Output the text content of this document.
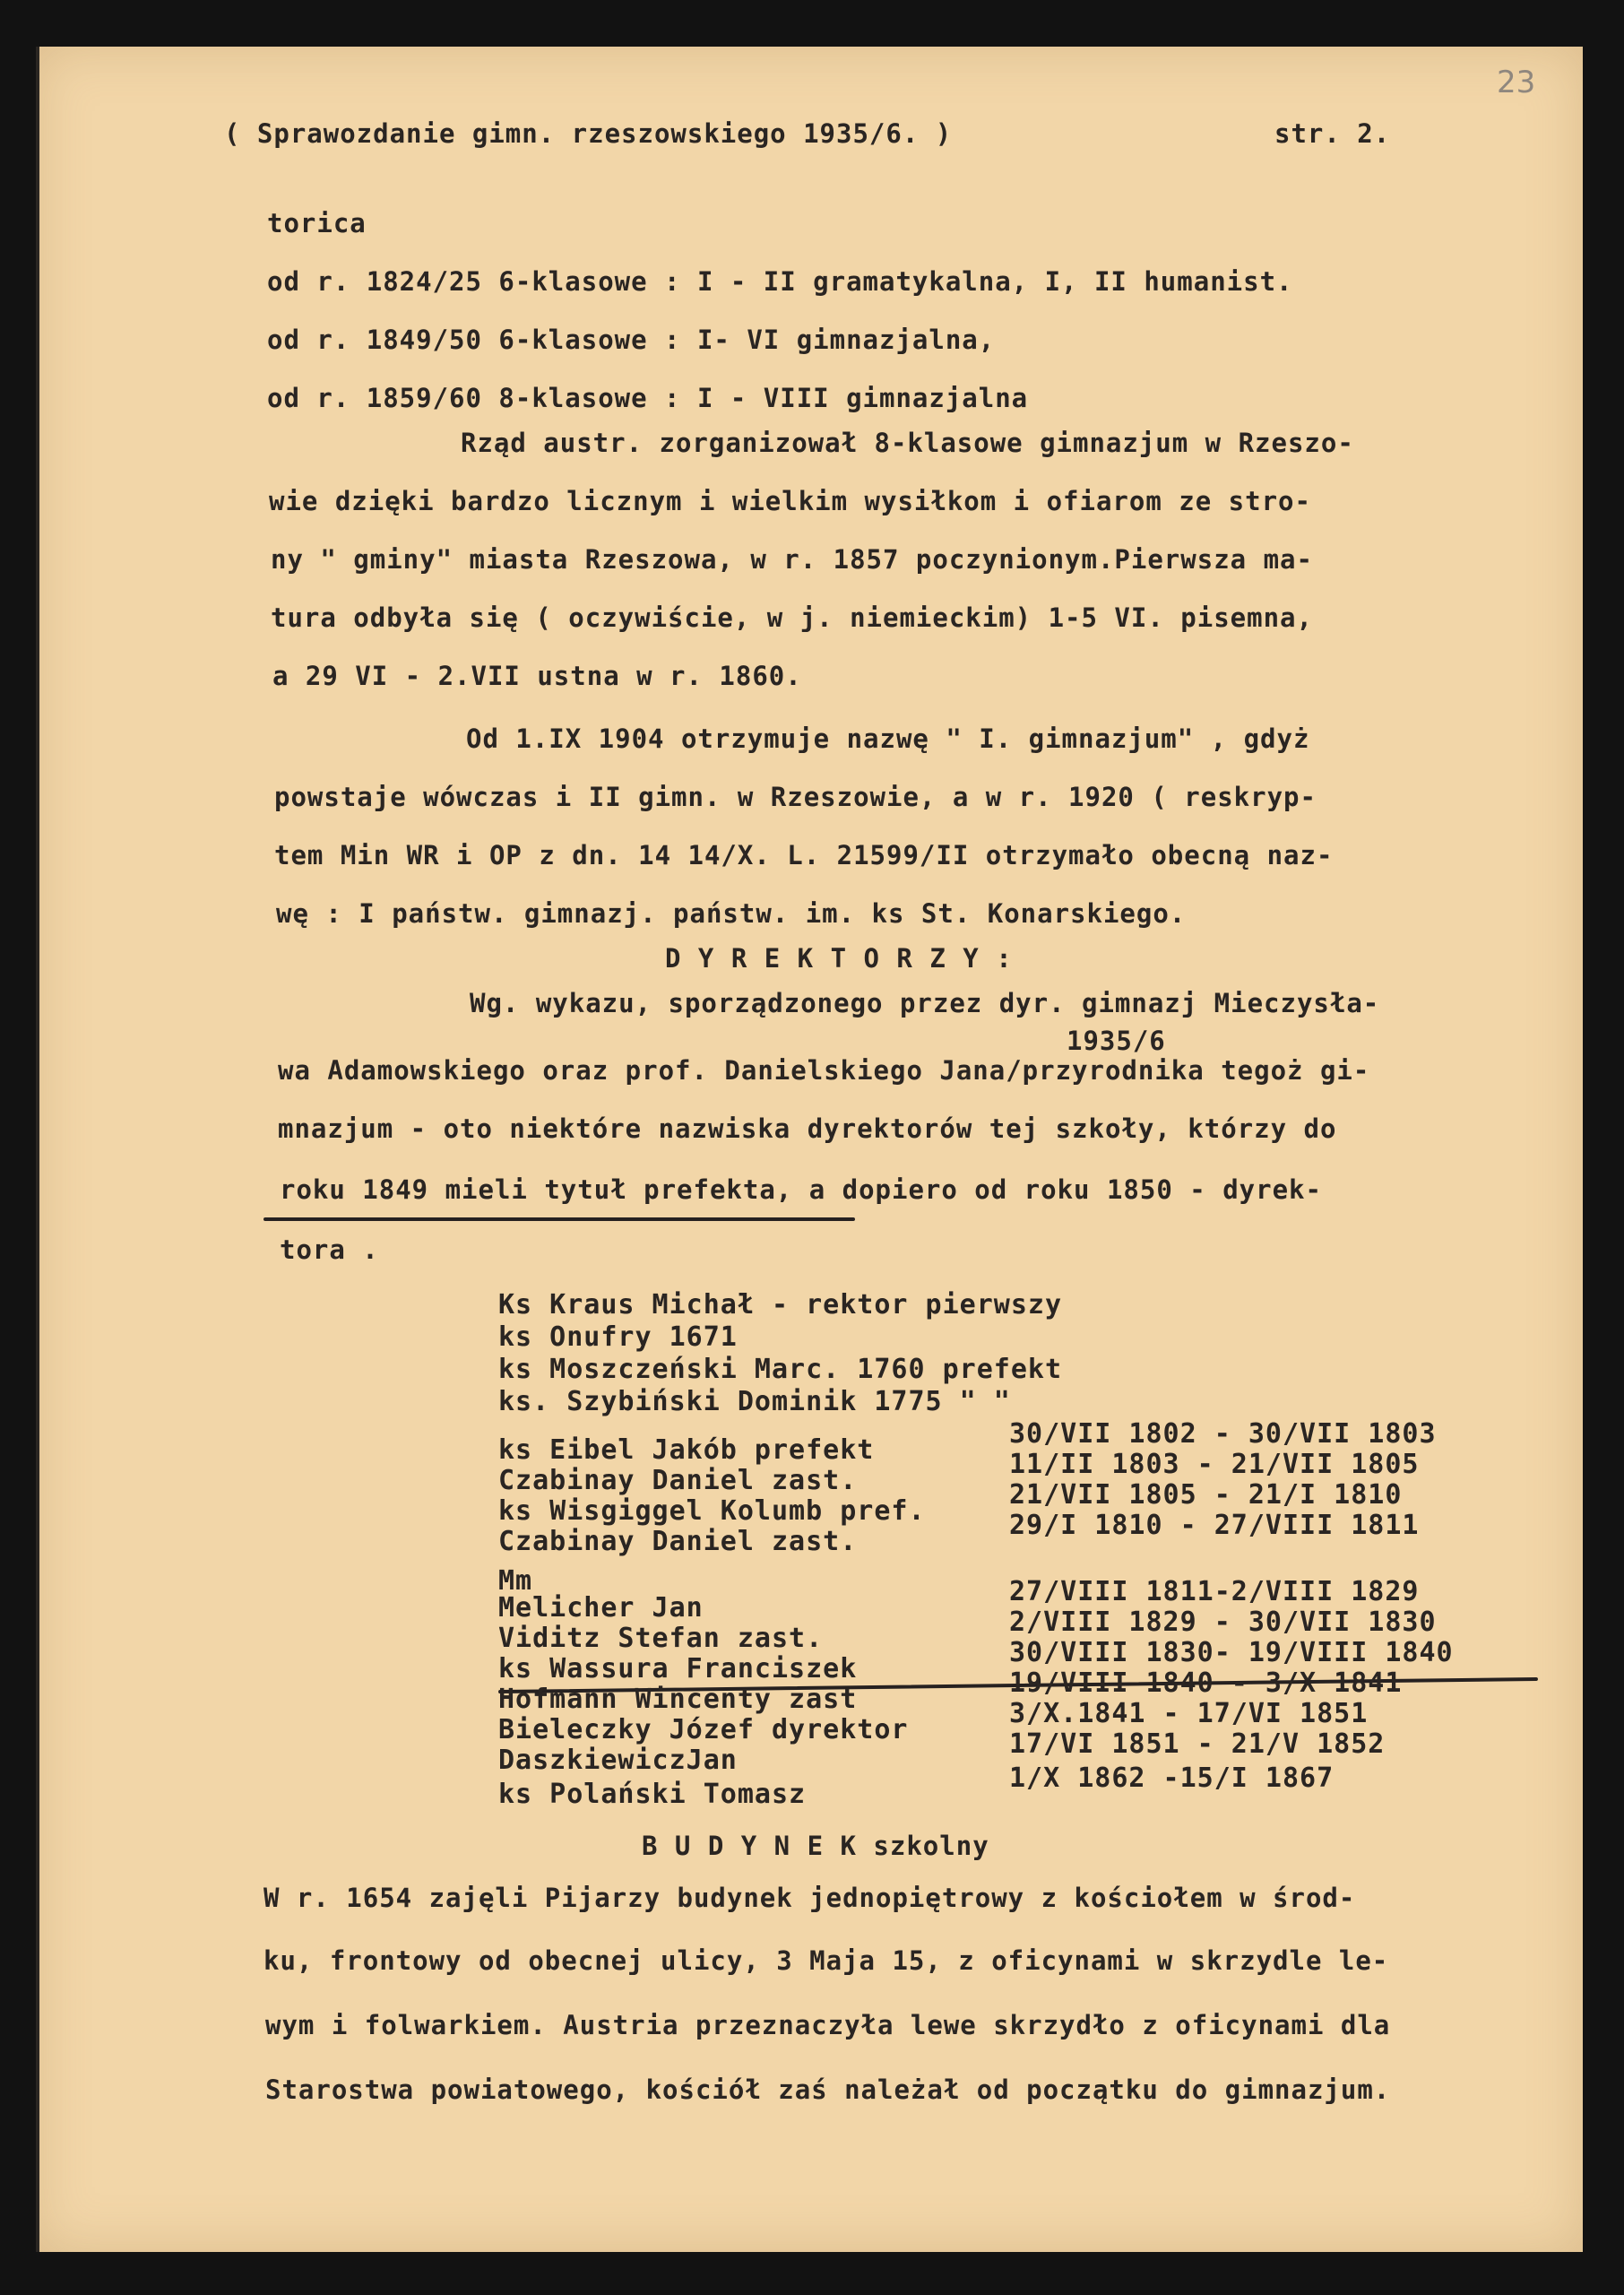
23
( Sprawozdanie gimn. rzeszowskiego 1935/6. )	str. 2.
torica
od r. 1824/25 6-klasowe : I - II gramatykalna, I, II humanist.
od r. 1849/50 6-klasowe : I- VI gimnazjalna,
od r. 1859/60 8-klasowe : I - VIII gimnazjalna
Rząd austr. zorganizował 8-klasowe gimnazjum w Rzeszo-
wie dzięki bardzo licznym i wielkim wysiłkom i ofiarom ze stro-
ny " gminy" miasta Rzeszowa, w r. 1857 poczynionym.Pierwsza ma-
tura odbyła się ( oczywiście, w j. niemieckim) 1-5 VI. pisemna,
a 29 VI - 2.VII ustna w r. 1860.
Od 1.IX 1904 otrzymuje nazwę " I. gimnazjum" , gdyż
powstaje wówczas i II gimn. w Rzeszowie, a w r. 1920 ( reskryp-
tem Min WR i OP z dn. 14 14/X. L. 21599/II otrzymało obecną naz-
wę : I państw. gimnazj. państw. im. ks St. Konarskiego.
D Y R E K T O R Z Y :
Wg. wykazu, sporządzonego przez dyr. gimnazj Mieczysła-
1935/6
wa Adamowskiego oraz prof. Danielskiego Jana/przyrodnika tegoż gi-
mnazjum - oto niektóre nazwiska dyrektorów tej szkoły, którzy do
roku 1849 mieli tytuł prefekta, a dopiero od roku 1850 - dyrek-
tora .
Ks Kraus Michał - rektor pierwszy
ks Onufry 1671
ks Moszczeński Marc. 1760 prefekt
ks. Szybiński Dominik 1775 " "
ks Eibel Jakób prefekt
30/VII 1802 - 30/VII 1803
Czabinay Daniel zast.
11/II 1803 - 21/VII 1805
ks Wisgiggel Kolumb pref.
21/VII 1805 - 21/I 1810
Czabinay Daniel zast.
29/I 1810 - 27/VIII 1811
Mm
Melicher Jan
27/VIII 1811-2/VIII 1829
Viditz Stefan zast.
2/VIII 1829 - 30/VII 1830
ks Wassura Franciszek
30/VIII 1830- 19/VIII 1840
Hofmann Wincenty zast
19/VIII 1840 - 3/X 1841
Bieleczky Józef dyrektor
3/X.1841 - 17/VI 1851
DaszkiewiczJan
17/VI 1851 - 21/V 1852
ks Polański Tomasz
1/X 1862 -15/I 1867
B U D Y N E K szkolny
W r. 1654 zajęli Pijarzy budynek jednopiętrowy z kościołem w środ-
ku, frontowy od obecnej ulicy, 3 Maja 15, z oficynami w skrzydle le-
wym i folwarkiem. Austria przeznaczyła lewe skrzydło z oficynami dla
Starostwa powiatowego, kościół zaś należał od początku do gimnazjum.
